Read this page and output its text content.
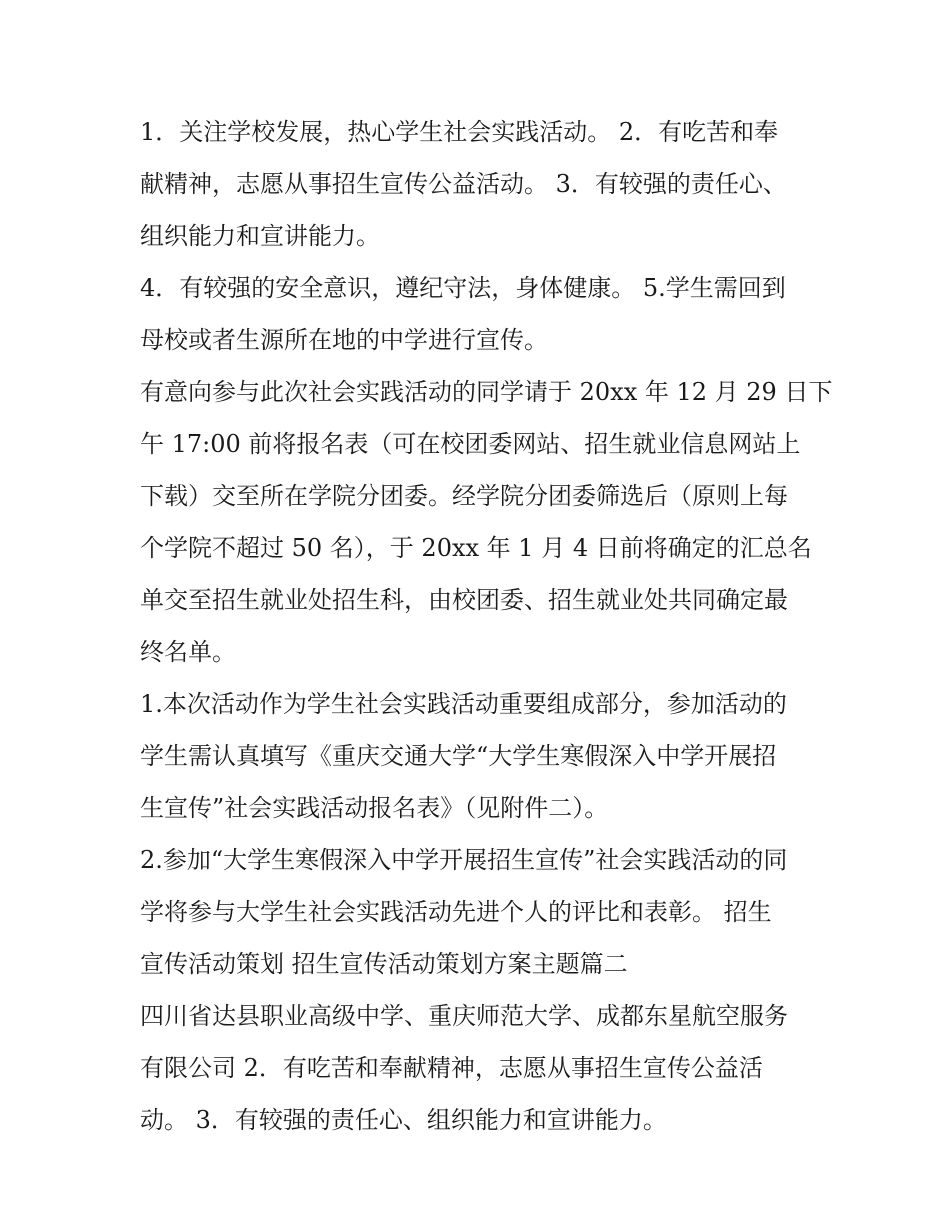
1．关注学校发展，热心学生社会实践活动。 2．有吃苦和奉
献精神，志愿从事招生宣传公益活动。 3．有较强的责任心、
组织能力和宣讲能力。
4．有较强的安全意识，遵纪守法，身体健康。 5.学生需回到
母校或者生源所在地的中学进行宣传。
有意向参与此次社会实践活动的同学请于 20xx 年 12 月 29 日下
午 17:00 前将报名表（可在校团委网站、招生就业信息网站上
下载）交至所在学院分团委。经学院分团委筛选后（原则上每
个学院不超过 50 名），于 20xx 年 1 月 4 日前将确定的汇总名
单交至招生就业处招生科，由校团委、招生就业处共同确定最
终名单。
1.本次活动作为学生社会实践活动重要组成部分，参加活动的
学生需认真填写《重庆交通大学“大学生寒假深入中学开展招
生宣传”社会实践活动报名表》（见附件二）。
2.参加“大学生寒假深入中学开展招生宣传”社会实践活动的同
学将参与大学生社会实践活动先进个人的评比和表彰。 招生
宣传活动策划 招生宣传活动策划方案主题篇二
四川省达县职业高级中学、重庆师范大学、成都东星航空服务
有限公司 2．有吃苦和奉献精神，志愿从事招生宣传公益活
动。 3．有较强的责任心、组织能力和宣讲能力。
